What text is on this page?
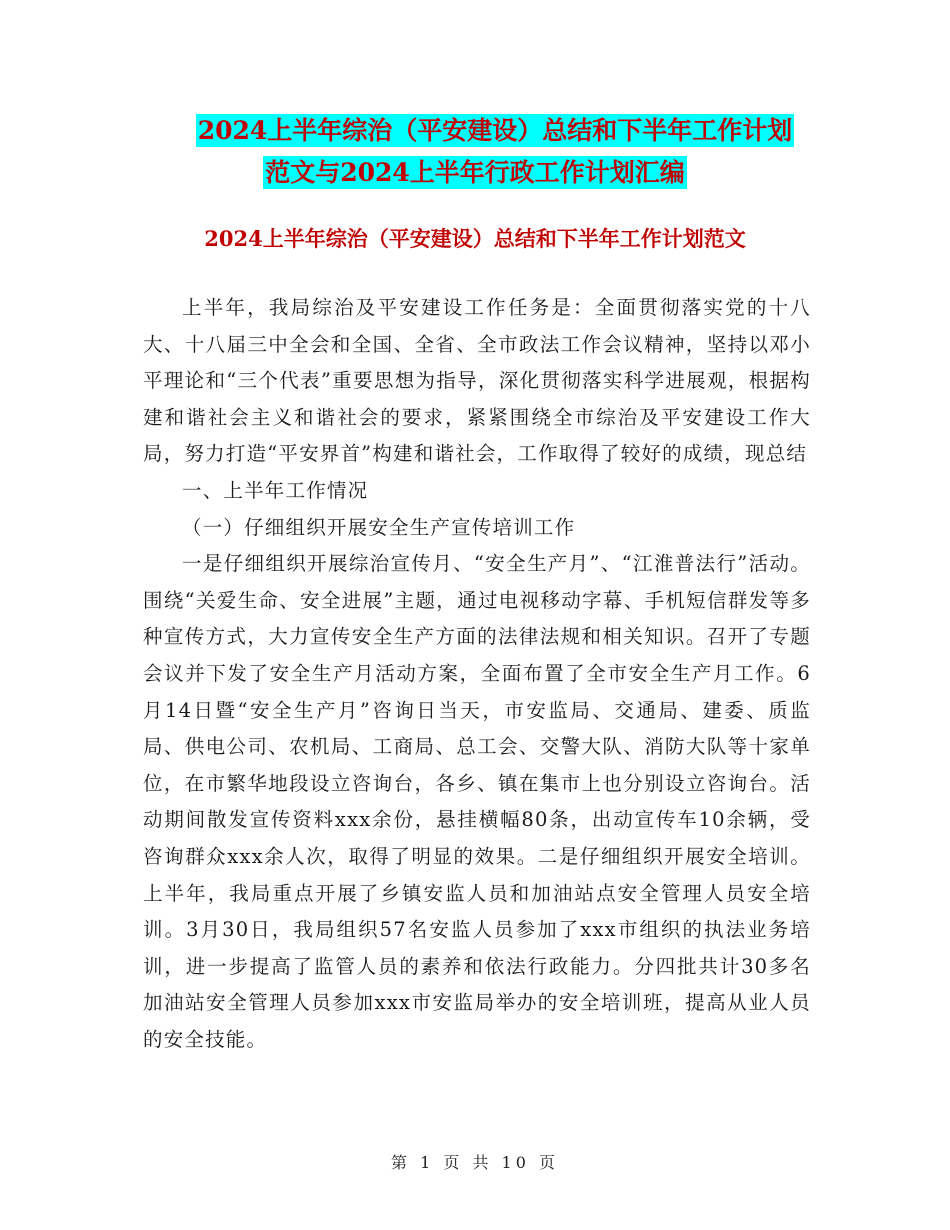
2024上半年综治（平安建设）总结和下半年工作计划
范文与2024上半年行政工作计划汇编
2024上半年综治（平安建设）总结和下半年工作计划范文

上半年，我局综治及平安建设工作任务是：全面贯彻落实党的十八大、十八届三中全会和全国、全省、全市政法工作会议精神，坚持以邓小平理论和“三个代表”重要思想为指导，深化贯彻落实科学进展观，根据构建和谐社会主义和谐社会的要求，紧紧围绕全市综治及平安建设工作大局，努力打造“平安界首”构建和谐社会，工作取得了较好的成绩，现总结

一、上半年工作情况

（一）仔细组织开展安全生产宣传培训工作

一是仔细组织开展综治宣传月、“安全生产月”、“江淮普法行”活动。围绕“关爱生命、安全进展”主题，通过电视移动字幕、手机短信群发等多种宣传方式，大力宣传安全生产方面的法律法规和相关知识。召开了专题会议并下发了安全生产月活动方案，全面布置了全市安全生产月工作。6月14日暨“安全生产月”咨询日当天，市安监局、交通局、建委、质监局、供电公司、农机局、工商局、总工会、交警大队、消防大队等十家单位，在市繁华地段设立咨询台，各乡、镇在集市上也分别设立咨询台。活动期间散发宣传资料xxx余份，悬挂横幅80条，出动宣传车10余辆，受咨询群众xxx余人次，取得了明显的效果。二是仔细组织开展安全培训。上半年，我局重点开展了乡镇安监人员和加油站点安全管理人员安全培训。3月30日，我局组织57名安监人员参加了xxx市组织的执法业务培训，进一步提高了监管人员的素养和依法行政能力。分四批共计30多名加油站安全管理人员参加xxx市安监局举办的安全培训班，提高从业人员的安全技能。

第 1 页 共 10 页
